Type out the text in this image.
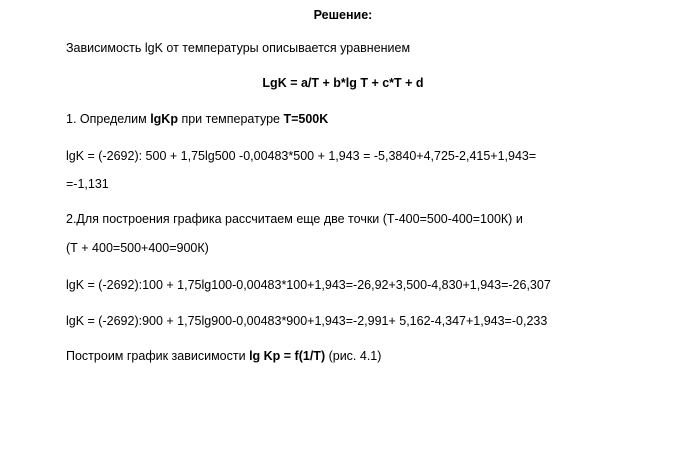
Решение:
Зависимость lgK от температуры описывается уравнением
LgK = a/T + b*lg T + c*T + d
1. Определим lgKp при температуре T=500K
lgK = (-2692): 500 + 1,75lg500 -0,00483*500 + 1,943 = -5,3840+4,725-2,415+1,943=
=-1,131
2.Для построения графика рассчитаем еще две точки (Т-400=500-400=100К) и
(Т + 400=500+400=900К)
lgK = (-2692):100 + 1,75lg100-0,00483*100+1,943=-26,92+3,500-4,830+1,943=-26,307
lgK = (-2692):900 + 1,75lg900-0,00483*900+1,943=-2,991+ 5,162-4,347+1,943=-0,233
Построим график зависимости lg Kp = f(1/T) (рис. 4.1)
